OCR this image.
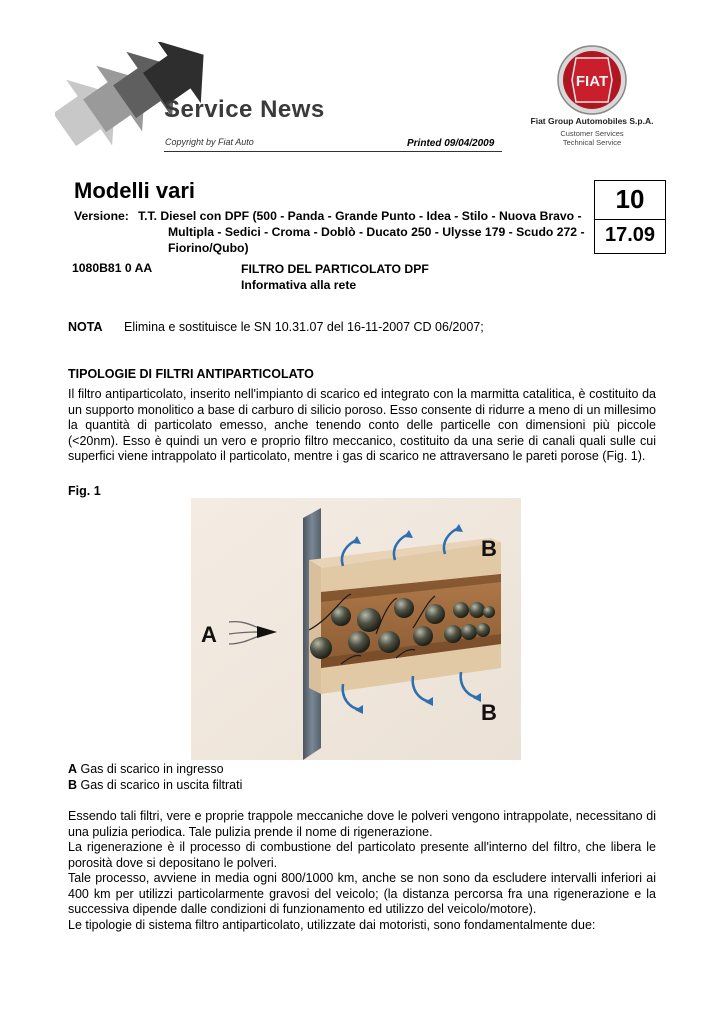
Service News
Copyright by Fiat Auto	Printed 09/04/2009
FIAT
Fiat Group Automobiles S.p.A.
Customer Services
Technical Service
Modelli vari
Versione: T.T. Diesel con DPF (500 - Panda - Grande Punto - Idea - Stilo - Nuova Bravo - Multipla - Sedici - Croma - Doblò - Ducato 250 - Ulysse 179 - Scudo 272 - Fiorino/Qubo)
10
17.09
1080B81 0 AA	FILTRO DEL PARTICOLATO DPF
Informativa alla rete
NOTA Elimina e sostituisce le SN 10.31.07 del 16-11-2007 CD 06/2007;
TIPOLOGIE DI FILTRI ANTIPARTICOLATO
Il filtro antiparticolato, inserito nell'impianto di scarico ed integrato con la marmitta catalitica, è costituito da un supporto monolitico a base di carburo di silicio poroso. Esso consente di ridurre a meno di un millesimo la quantità di particolato emesso, anche tenendo conto delle particelle con dimensioni più piccole (<20nm). Esso è quindi un vero e proprio filtro meccanico, costituito da una serie di canali quali sulle cui superfici viene intrappolato il particolato, mentre i gas di scarico ne attraversano le pareti porose (Fig. 1).
Fig. 1
A
B
B
A Gas di scarico in ingresso
B Gas di scarico in uscita filtrati
Essendo tali filtri, vere e proprie trappole meccaniche dove le polveri vengono intrappolate, necessitano di una pulizia periodica. Tale pulizia prende il nome di rigenerazione.
La rigenerazione è il processo di combustione del particolato presente all'interno del filtro, che libera le porosità dove si depositano le polveri.
Tale processo, avviene in media ogni 800/1000 km, anche se non sono da escludere intervalli inferiori ai 400 km per utilizzi particolarmente gravosi del veicolo; (la distanza percorsa fra una rigenerazione e la successiva dipende dalle condizioni di funzionamento ed utilizzo del veicolo/motore).
Le tipologie di sistema filtro antiparticolato, utilizzate dai motoristi, sono fondamentalmente due:
